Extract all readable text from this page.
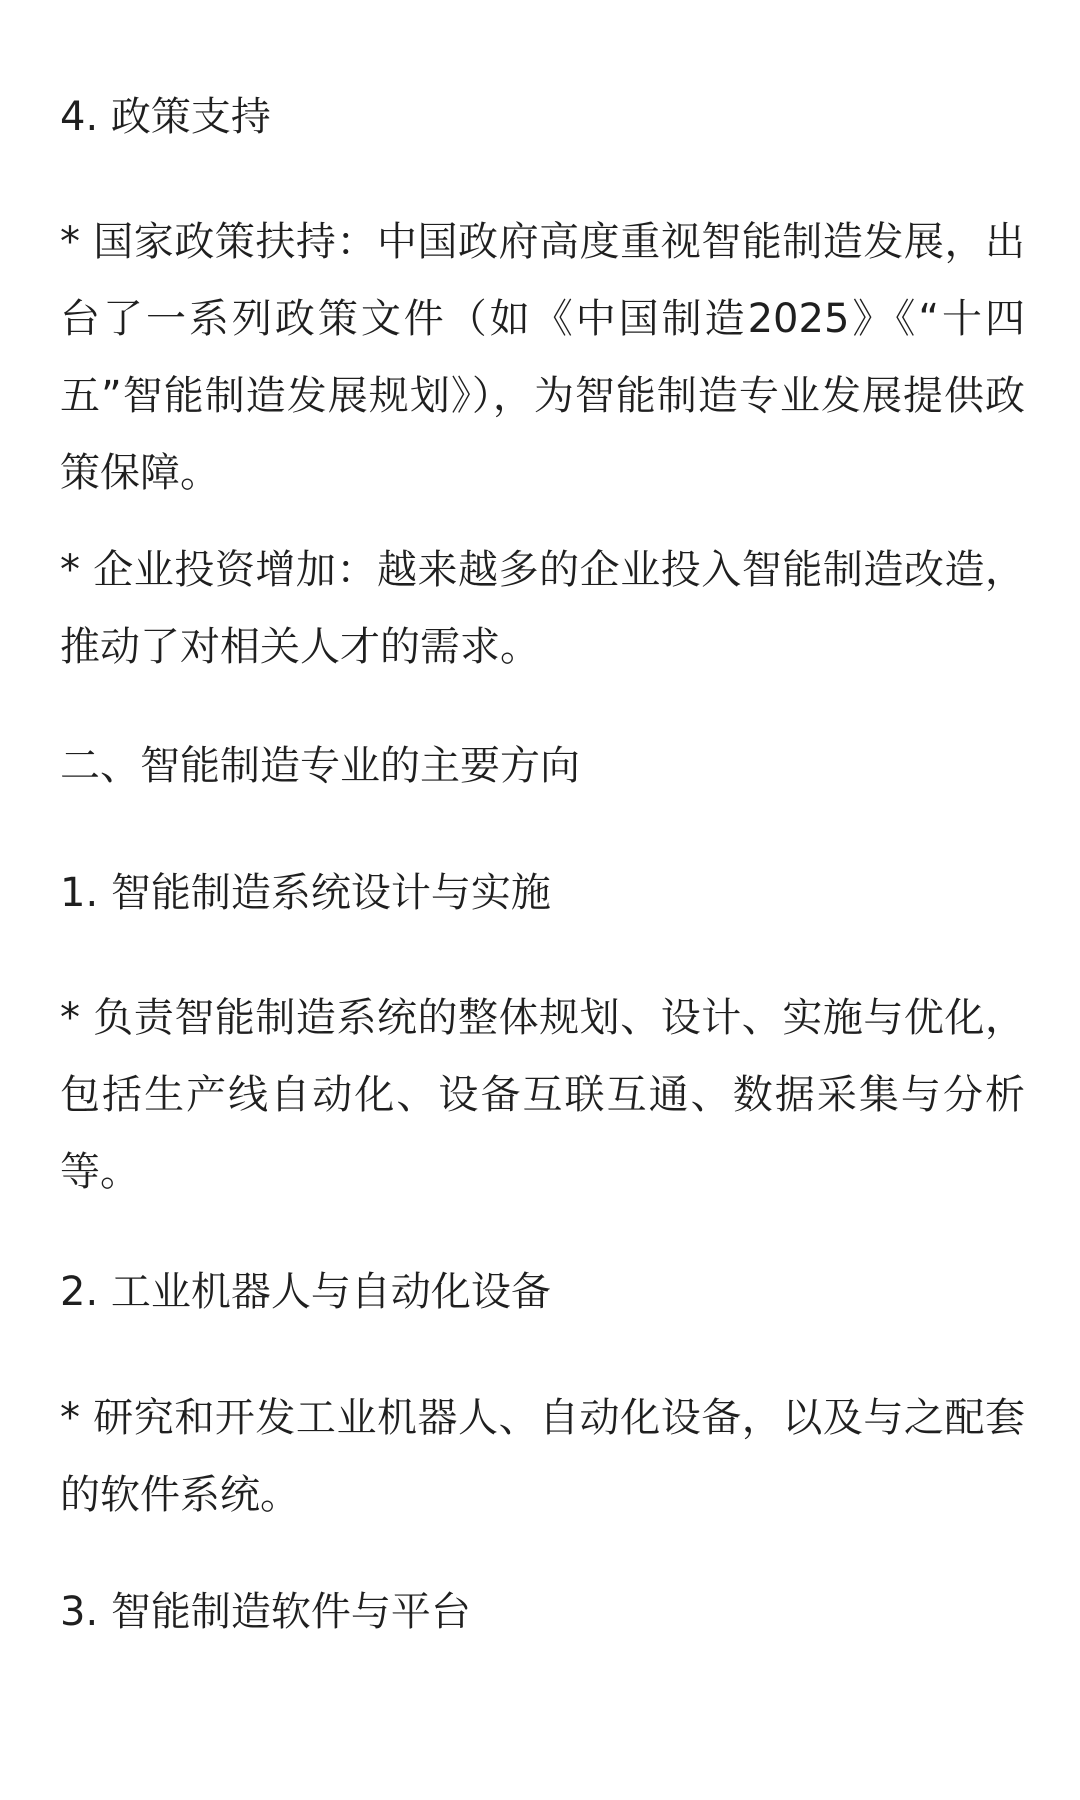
4. 政策支持

* 国家政策扶持：中国政府高度重视智能制造发展，出台了一系列政策文件（如《中国制造2025》《“十四五”智能制造发展规划》），为智能制造专业发展提供政策保障。

* 企业投资增加：越来越多的企业投入智能制造改造，推动了对相关人才的需求。

二、智能制造专业的主要方向
1. 智能制造系统设计与实施

* 负责智能制造系统的整体规划、设计、实施与优化，包括生产线自动化、设备互联互通、数据采集与分析等。

2. 工业机器人与自动化设备

* 研究和开发工业机器人、自动化设备，以及与之配套的软件系统。

3. 智能制造软件与平台
